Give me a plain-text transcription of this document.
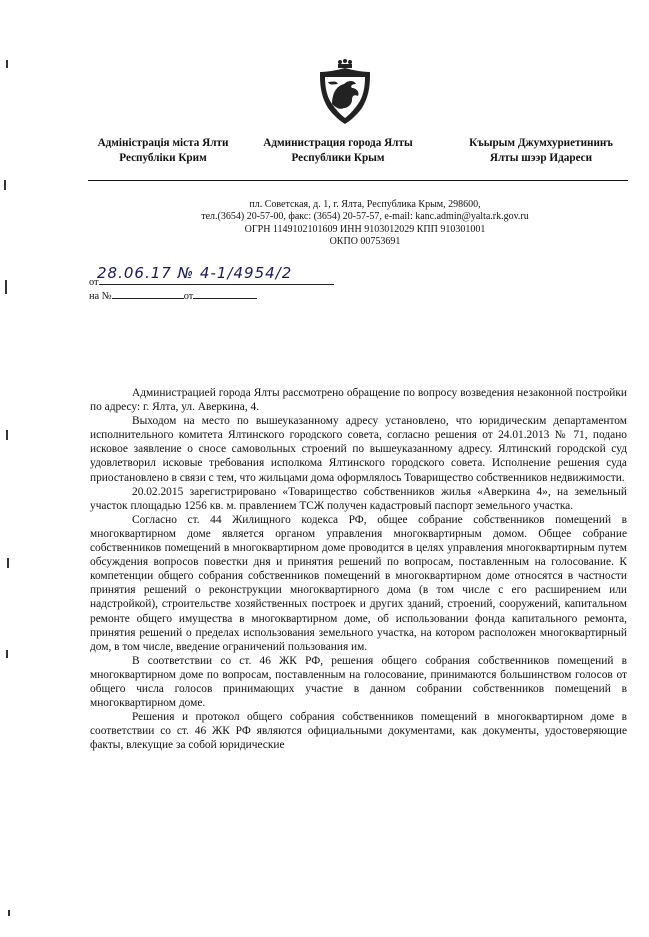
Адміністрація міста Ялти
Республіки Крим
Администрация города Ялты
Республики Крым
Къырым Джумхуриетининъ
Ялты шээр Идареси
пл. Советская, д. 1, г. Ялта, Республика Крым, 298600,
тел.(3654) 20-57-00, факс: (3654) 20-57-57, e-mail: kanc.admin@yalta.rk.gov.ru
ОГРН 1149102101609 ИНН 9103012029 КПП 910301001
ОКПО 00753691
от
28.06.17 № 4-1/4954/2
на №	от

Администрацией города Ялты рассмотрено обращение по вопросу возведения незаконной постройки по адресу: г. Ялта, ул. Аверкина, 4.

Выходом на место по вышеуказанному адресу установлено, что юридическим департаментом исполнительного комитета Ялтинского городского совета, согласно решения от 24.01.2013 № 71, подано исковое заявление о сносе самовольных строений по вышеуказанному адресу. Ялтинский городской суд удовлетворил исковые требования исполкома Ялтинского городского совета. Исполнение решения суда приостановлено в связи с тем, что жильцами дома оформлялось Товарищество собственников недвижимости.

20.02.2015 зарегистрировано «Товарищество собственников жилья «Аверкина 4», на земельный участок площадью 1256 кв. м. правлением ТСЖ получен кадастровый паспорт земельного участка.

Согласно ст. 44 Жилищного кодекса РФ, общее собрание собственников помещений в многоквартирном доме является органом управления многоквартирным домом. Общее собрание собственников помещений в многоквартирном доме проводится в целях управления многоквартирным путем обсуждения вопросов повестки дня и принятия решений по вопросам, поставленным на голосование. К компетенции общего собрания собственников помещений в многоквартирном доме относятся в частности принятия решений о реконструкции многоквартирного дома (в том числе с его расширением или надстройкой), строительстве хозяйственных построек и других зданий, строений, сооружений, капитальном ремонте общего имущества в многоквартирном доме, об использовании фонда капитального ремонта, принятия решений о пределах использования земельного участка, на котором расположен многоквартирный дом, в том числе, введение ограничений пользования им.

В соответствии со ст. 46 ЖК РФ, решения общего собрания собственников помещений в многоквартирном доме по вопросам, поставленным на голосование, принимаются большинством голосов от общего числа голосов принимающих участие в данном собрании собственников помещений в многоквартирном доме.

Решения и протокол общего собрания собственников помещений в многоквартирном доме в соответствии со ст. 46 ЖК РФ являются официальными документами, как документы, удостоверяющие факты, влекущие за собой юридические
